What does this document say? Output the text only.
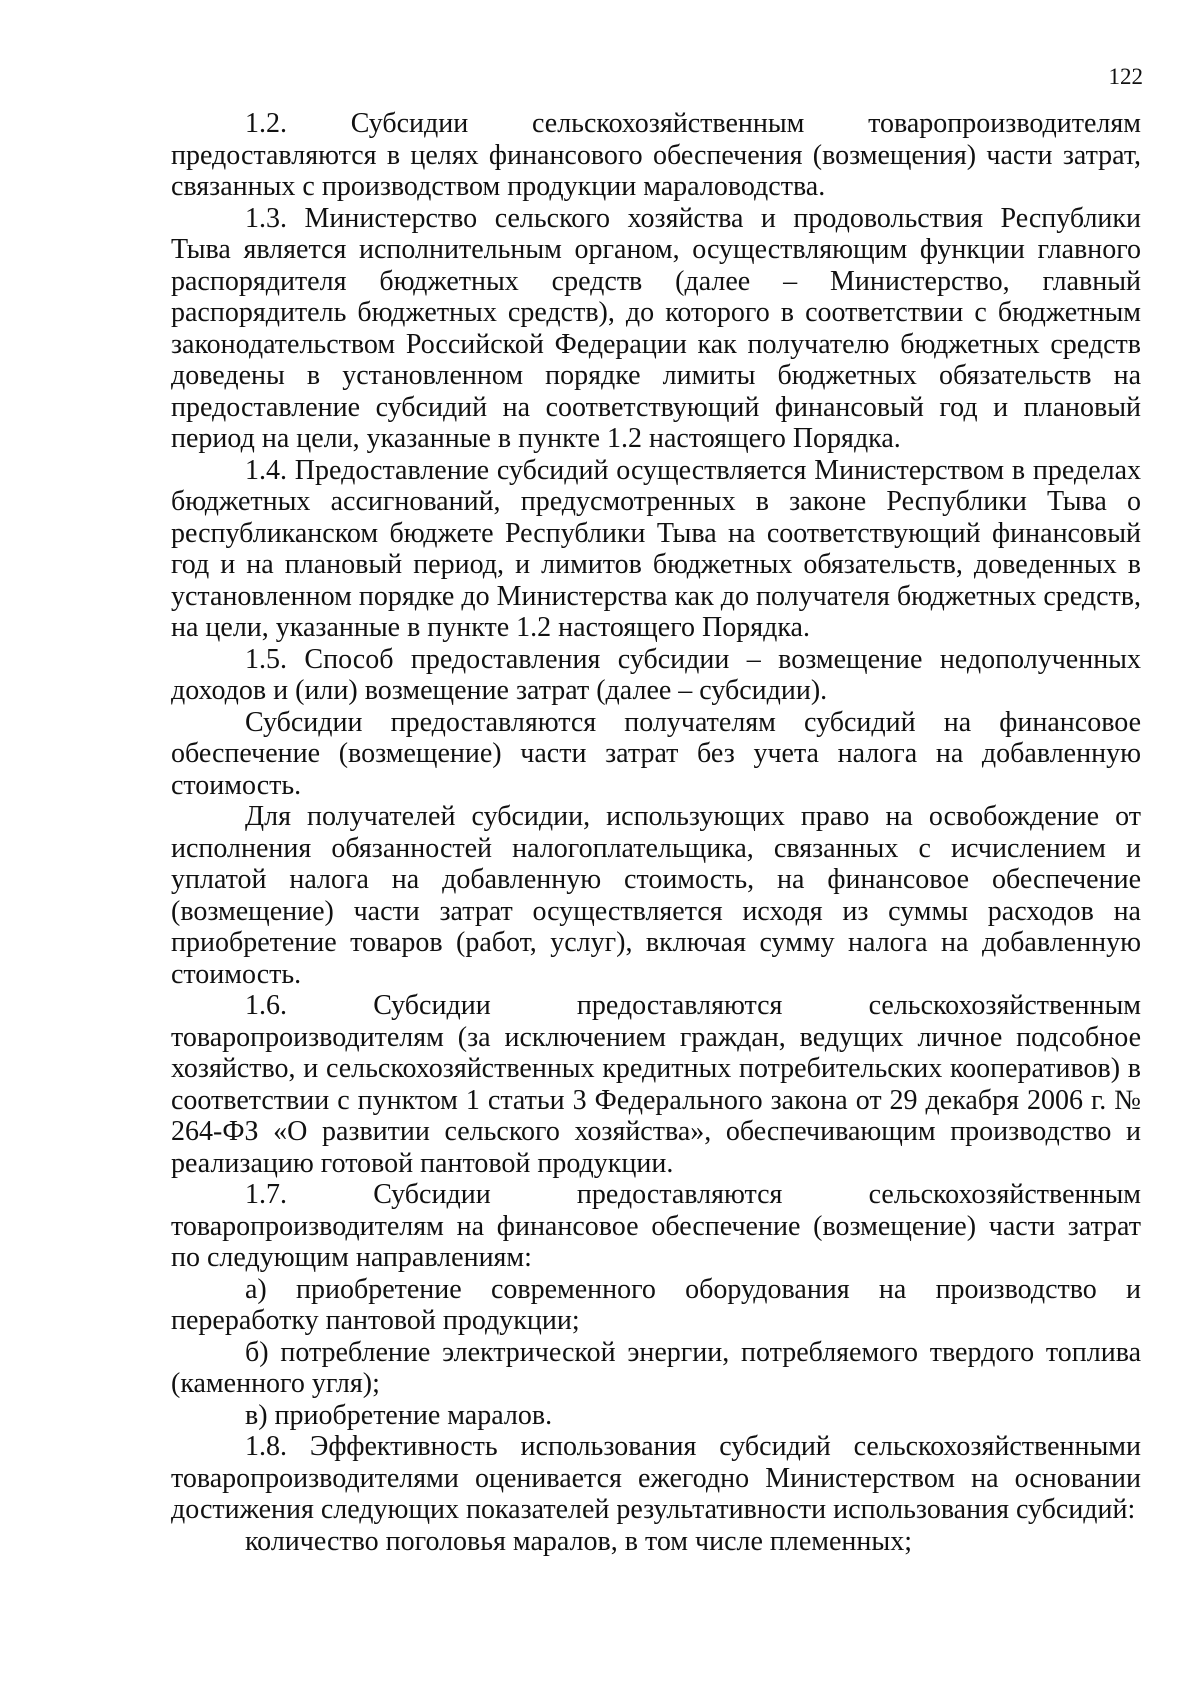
122

1.2. Субсидии сельскохозяйственным товаропроизводителям предоставляются в целях финансового обеспечения (возмещения) части затрат, связанных с производством продукции мараловодства.

1.3. Министерство сельского хозяйства и продовольствия Республики Тыва является исполнительным органом, осуществляющим функции главного распорядителя бюджетных средств (далее – Министерство, главный распорядитель бюджетных средств), до которого в соответствии с бюджетным законодательством Российской Федерации как получателю бюджетных средств доведены в установленном порядке лимиты бюджетных обязательств на предоставление субсидий на соответствующий финансовый год и плановый период на цели, указанные в пункте 1.2 настоящего Порядка.

1.4. Предоставление субсидий осуществляется Министерством в пределах бюджетных ассигнований, предусмотренных в законе Республики Тыва о республиканском бюджете Республики Тыва на соответствующий финансовый год и на плановый период, и лимитов бюджетных обязательств, доведенных в установленном порядке до Министерства как до получателя бюджетных средств, на цели, указанные в пункте 1.2 настоящего Порядка.

1.5. Способ предоставления субсидии – возмещение недополученных доходов и (или) возмещение затрат (далее – субсидии).

Субсидии предоставляются получателям субсидий на финансовое обеспечение (возмещение) части затрат без учета налога на добавленную стоимость.

Для получателей субсидии, использующих право на освобождение от исполнения обязанностей налогоплательщика, связанных с исчислением и уплатой налога на добавленную стоимость, на финансовое обеспечение (возмещение) части затрат осуществляется исходя из суммы расходов на приобретение товаров (работ, услуг), включая сумму налога на добавленную стоимость.

1.6. Субсидии предоставляются сельскохозяйственным товаропроизводителям (за исключением граждан, ведущих личное подсобное хозяйство, и сельскохозяйственных кредитных потребительских кооперативов) в соответствии с пунктом 1 статьи 3 Федерального закона от 29 декабря 2006 г. № 264-ФЗ «О развитии сельского хозяйства», обеспечивающим производство и реализацию готовой пантовой продукции.

1.7. Субсидии предоставляются сельскохозяйственным товаропроизводителям на финансовое обеспечение (возмещение) части затрат по следующим направлениям:

а) приобретение современного оборудования на производство и переработку пантовой продукции;

б) потребление электрической энергии, потребляемого твердого топлива (каменного угля);

в) приобретение маралов.

1.8. Эффективность использования субсидий сельскохозяйственными товаропроизводителями оценивается ежегодно Министерством на основании достижения следующих показателей результативности использования субсидий:

количество поголовья маралов, в том числе племенных;
